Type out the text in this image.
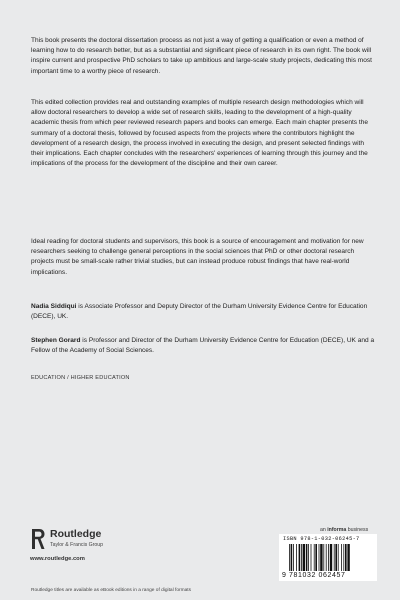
This book presents the doctoral dissertation process as not just a way of getting a qualification or even a method of learning how to do research better, but as a substantial and significant piece of research in its own right. The book will inspire current and prospective PhD scholars to take up ambitious and large-scale study projects, dedicating this most important time to a worthy piece of research.

This edited collection provides real and outstanding examples of multiple research design methodologies which will allow doctoral researchers to develop a wide set of research skills, leading to the development of a high-quality academic thesis from which peer reviewed research papers and books can emerge. Each main chapter presents the summary of a doctoral thesis, followed by focused aspects from the projects where the contributors highlight the development of a research design, the process involved in executing the design, and present selected findings with their implications. Each chapter concludes with the researchers' experiences of learning through this journey and the implications of the process for the development of the discipline and their own career.

Ideal reading for doctoral students and supervisors, this book is a source of encouragement and motivation for new researchers seeking to challenge general perceptions in the social sciences that PhD or other doctoral research projects must be small-scale rather trivial studies, but can instead produce robust findings that have real-world implications.

Nadia Siddiqui is Associate Professor and Deputy Director of the Durham University Evidence Centre for Education (DECE), UK.

Stephen Gorard is Professor and Director of the Durham University Evidence Centre for Education (DECE), UK and a Fellow of the Academy of Social Sciences.

EDUCATION / HIGHER EDUCATION
Routledge
Taylor & Francis Group
www.routledge.com
an informa business
ISBN 978-1-032-06245-7
9 781032 062457
Routledge titles are available as eBook editions in a range of digital formats
